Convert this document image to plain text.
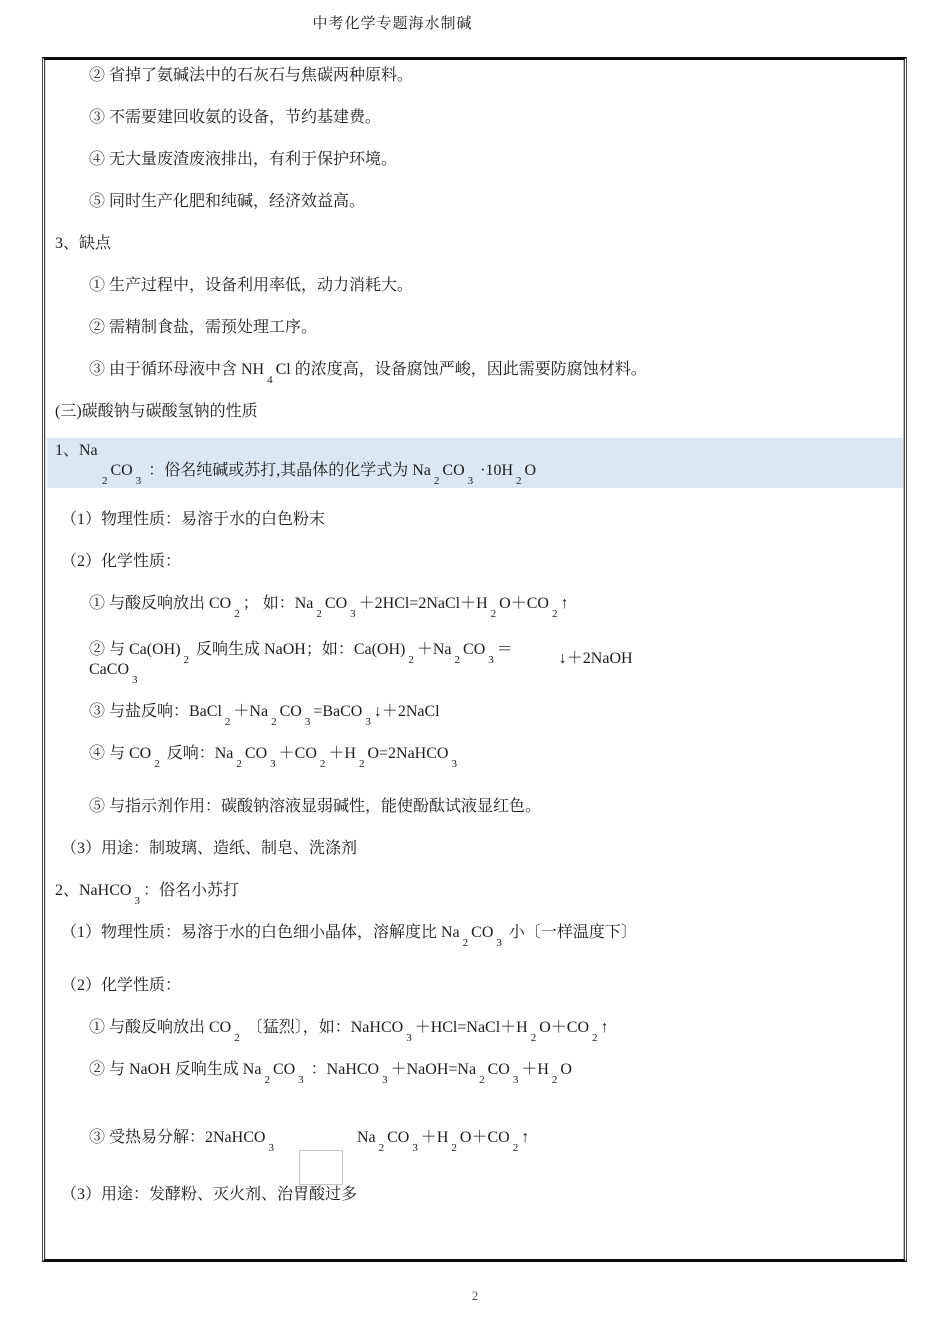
中考化学专题海水制碱
② 省掉了氨碱法中的石灰石与焦碳两种原料。
③ 不需要建回收氨的设备，节约基建费。
④ 无大量废渣废液排出，有利于保护环境。
⑤ 同时生产化肥和纯碱，经济效益高。
3、缺点
① 生产过程中，设备利用率低，动力消耗大。
② 需精制食盐，需预处理工序。
③ 由于循环母液中含 NH4Cl 的浓度高，设备腐蚀严峻，因此需要防腐蚀材料。
(三)碳酸钠与碳酸氢钠的性质
1、Na
2CO3 ：俗名纯碱或苏打,其晶体的化学式为 Na2CO3 ·10H2O
（1）物理性质：易溶于水的白色粉末
（2）化学性质：
① 与酸反响放出 CO2； 如：Na2CO3＋2HCl=2NaCl＋H2O＋CO2↑
② 与 Ca(OH)2 反响生成 NaOH；如：Ca(OH)2＋Na2CO3＝↓＋2NaOH
CaCO3
③ 与盐反响：BaCl2＋Na2CO3=BaCO3↓＋2NaCl
④ 与 CO2 反响：Na2CO3＋CO2＋H2O=2NaHCO3
⑤ 与指示剂作用：碳酸钠溶液显弱碱性，能使酚酞试液显红色。
（3）用途：制玻璃、造纸、制皂、洗涤剂
2、NaHCO3：俗名小苏打
（1）物理性质：易溶于水的白色细小晶体，溶解度比 Na2CO3 小〔一样温度下〕
（2）化学性质：
① 与酸反响放出 CO2 〔猛烈〕，如：NaHCO3＋HCl=NaCl＋H2O＋CO2↑
② 与 NaOH 反响生成 Na2CO3 ：NaHCO3＋NaOH=Na2CO3＋H2O
③ 受热易分解：2NaHCO3Na2CO3＋H2O＋CO2↑
（3）用途：发酵粉、灭火剂、治胃酸过多
2
